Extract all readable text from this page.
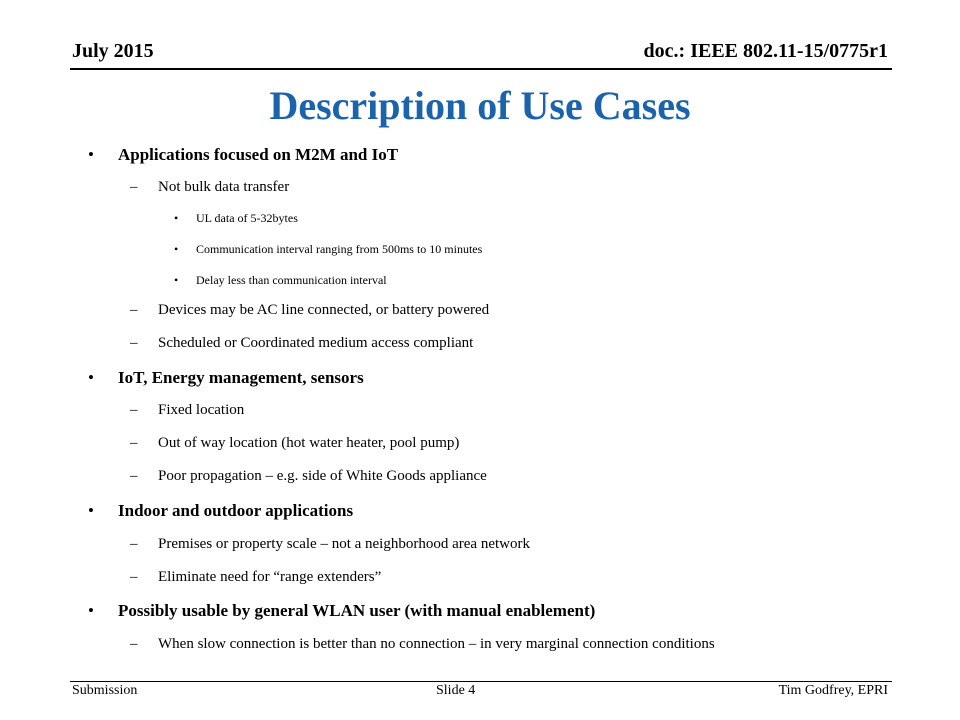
July 2015	doc.: IEEE 802.11-15/0775r1
Description of Use Cases
• Applications focused on M2M and IoT
– Not bulk data transfer
• UL data of 5-32bytes
• Communication interval ranging from 500ms to 10 minutes
• Delay less than communication interval
– Devices may be AC line connected, or battery powered
– Scheduled or Coordinated medium access compliant
• IoT, Energy management, sensors
– Fixed location
– Out of way location (hot water heater, pool pump)
– Poor propagation – e.g. side of White Goods appliance
• Indoor and outdoor applications
– Premises or property scale – not a neighborhood area network
– Eliminate need for “range extenders”
• Possibly usable by general WLAN user (with manual enablement)
– When slow connection is better than no connection – in very marginal connection conditions
Submission	Slide 4	Tim Godfrey, EPRI
